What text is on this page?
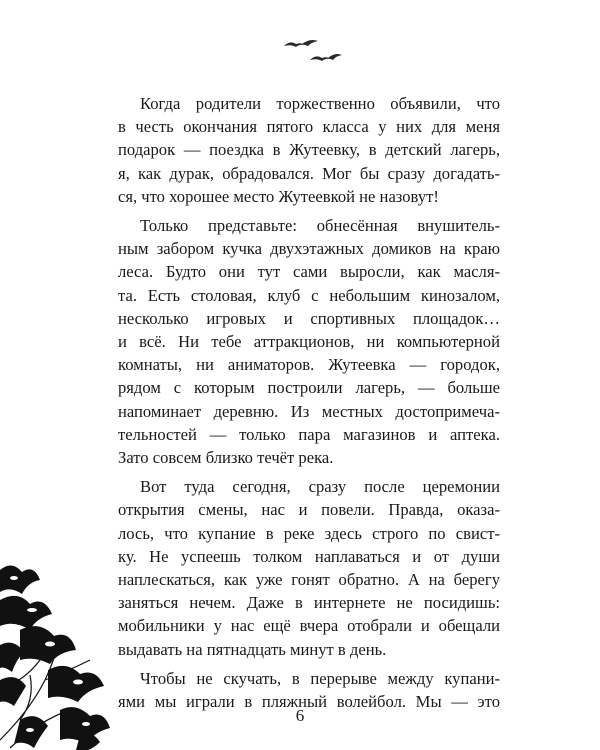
Когда родители торжественно объявили, что
в честь окончания пятого класса у них для меня
подарок — поездка в Жутеевку, в детский лагерь,
я, как дурак, обрадовался. Мог бы сразу догадать-
ся, что хорошее место Жутеевкой не назовут!

Только представьте: обнесённая внушитель-
ным забором кучка двухэтажных домиков на краю
леса. Будто они тут сами выросли, как масля-
та. Есть столовая, клуб с небольшим кинозалом,
несколько игровых и спортивных площадок…
и всё. Ни тебе аттракционов, ни компьютерной
комнаты, ни аниматоров. Жутеевка — городок,
рядом с которым построили лагерь, — больше
напоминает деревню. Из местных достопримеча-
тельностей — только пара магазинов и аптека.
Зато совсем близко течёт река.

Вот туда сегодня, сразу после церемонии
открытия смены, нас и повели. Правда, оказа-
лось, что купание в реке здесь строго по свист-
ку. Не успеешь толком наплаваться и от души
наплескаться, как уже гонят обратно. А на берегу
заняться нечем. Даже в интернете не посидишь:
мобильники у нас ещё вчера отобрали и обещали
выдавать на пятнадцать минут в день.

Чтобы не скучать, в перерыве между купани-
ями мы играли в пляжный волейбол. Мы — это

6
